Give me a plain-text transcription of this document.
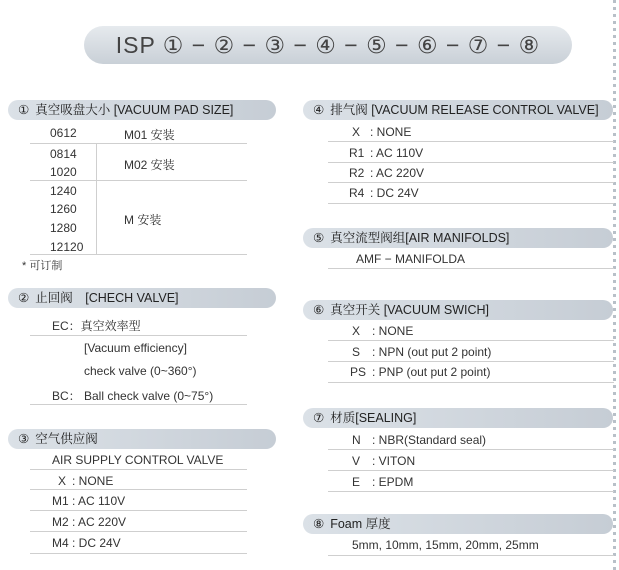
ISP ① − ② − ③ − ④ − ⑤ − ⑥ − ⑦ − ⑧
① 真空吸盘大小 [VACUUM PAD SIZE]
0612
0814
1020
1240
1260
1280
12120
M01 安装
M02 安装
M 安装
* 可订制
② 止回阀　[CHECH VALVE]
EC：真空效率型
[Vacuum efficiency]
check valve (0~360°)
BC： Ball check valve (0~75°)
③ 空气供应阀
AIR SUPPLY CONTROL VALVE
X : NONE
M1 : AC 110V
M2 : AC 220V
M4 : DC 24V
④ 排气阀 [VACUUM RELEASE CONTROL VALVE]
X : NONE
R1 : AC 110V
R2 : AC 220V
R4 : DC 24V
⑤ 真空流型阀组[AIR MANIFOLDS]
AMF − MANIFOLDA
⑥ 真空开关 [VACUUM SWICH]
X : NONE
S : NPN (out put 2 point)
PS : PNP (out put 2 point)
⑦ 材质[SEALING]
N : NBR(Standard seal)
V : VITON
E : EPDM
⑧ Foam 厚度
5mm, 10mm, 15mm, 20mm, 25mm
